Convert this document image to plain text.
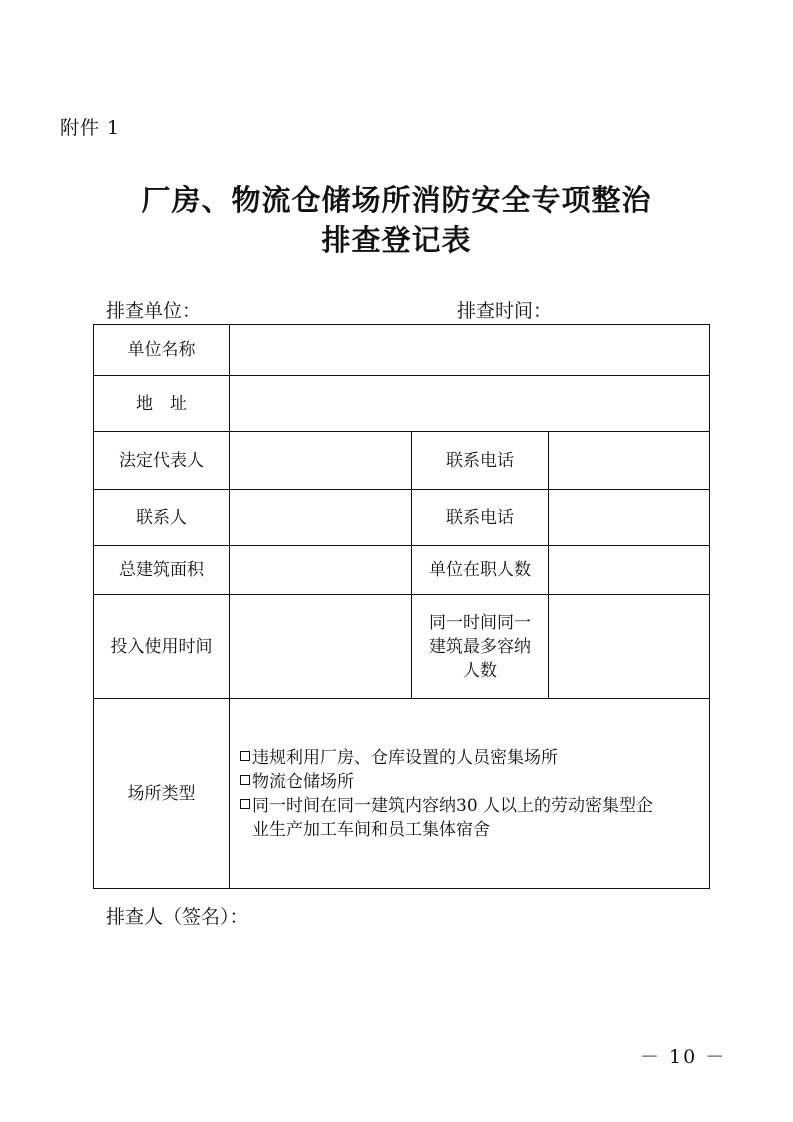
附件 1
厂房、物流仓储场所消防安全专项整治
排查登记表
排查单位：	排查时间：
单位名称			
地　址			
法定代表人		联系电话	
联系人		联系电话	
总建筑面积		单位在职人数	
投入使用时间		同一时间同一
建筑最多容纳
人数	

场所类型	违规利用厂房、仓库设置的人员密集场所
物流仓储场所
同一时间在同一建筑内容纳30 人以上的劳动密集型企
业生产加工车间和员工集体宿舍		
排查人（签名）：
－ 10 －
